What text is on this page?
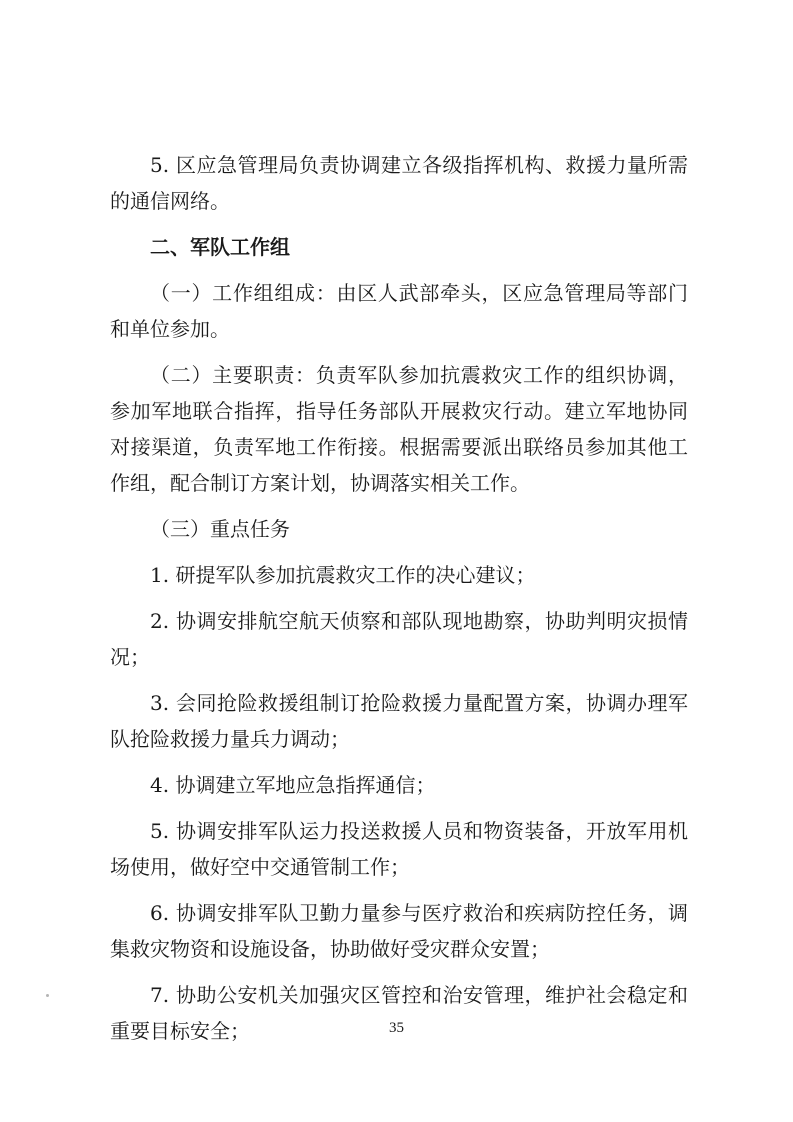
5. 区应急管理局负责协调建立各级指挥机构、救援力量所需的通信网络。

二、军队工作组

（一）工作组组成：由区人武部牵头，区应急管理局等部门和单位参加。

（二）主要职责：负责军队参加抗震救灾工作的组织协调，参加军地联合指挥，指导任务部队开展救灾行动。建立军地协同对接渠道，负责军地工作衔接。根据需要派出联络员参加其他工作组，配合制订方案计划，协调落实相关工作。

（三）重点任务

1. 研提军队参加抗震救灾工作的决心建议；

2. 协调安排航空航天侦察和部队现地勘察，协助判明灾损情况；

3. 会同抢险救援组制订抢险救援力量配置方案，协调办理军队抢险救援力量兵力调动；

4. 协调建立军地应急指挥通信；

5. 协调安排军队运力投送救援人员和物资装备，开放军用机场使用，做好空中交通管制工作；

6. 协调安排军队卫勤力量参与医疗救治和疾病防控任务，调集救灾物资和设施设备，协助做好受灾群众安置；

7. 协助公安机关加强灾区管控和治安管理，维护社会稳定和重要目标安全；	35
